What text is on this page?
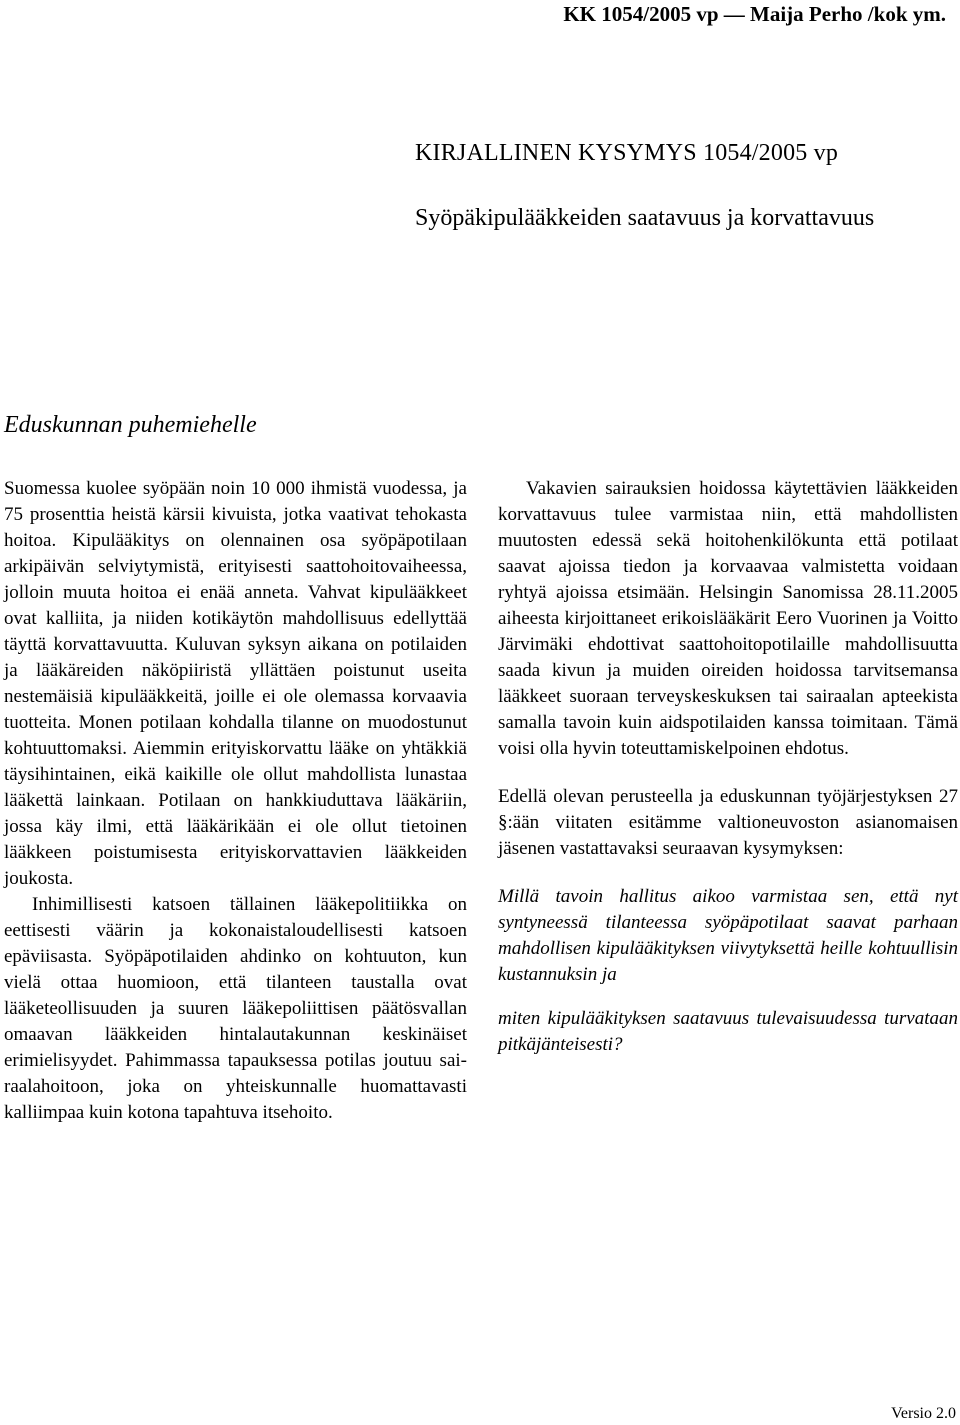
KK 1054/2005 vp — Maija Perho /kok ym.
KIRJALLINEN KYSYMYS 1054/2005 vp
Syöpäkipulääkkeiden saatavuus ja korvattavuus
Eduskunnan puhemiehelle

Suomessa kuolee syöpään noin 10 000 ihmistä vuodessa, ja 75 prosenttia heistä kärsii kivuista, jotka vaativat tehokasta hoitoa. Kipulääkitys on olennainen osa syöpäpotilaan arkipäivän selviytymistä, erityisesti saattohoitovaiheessa, jolloin muuta hoitoa ei enää anneta. Vahvat kipulääkkeet ovat kalliita, ja niiden kotikäytön mahdollisuus edellyttää täyttä korvattavuutta. Kuluvan syksyn aikana on potilaiden ja lääkäreiden näköpiiristä yllättäen poistunut useita nestemäisiä kipulääkkeitä, joille ei ole olemassa korvaavia tuotteita. Monen potilaan kohdalla tilanne on muodostunut kohtuuttomaksi. Aiemmin erityiskorvattu lääke on yhtäkkiä täysihintainen, eikä kaikille ole ollut mahdollista lunastaa lääkettä lainkaan. Potilaan on hankkiuduttava lääkäriin, jossa käy ilmi, että lääkärikään ei ole ollut tietoinen lääkkeen poistumisesta erityiskorvattavien lääkkeiden joukosta.

Inhimillisesti katsoen tällainen lääkepolitiikka on eettisesti väärin ja kokonaistaloudellisesti katsoen epäviisasta. Syöpäpotilaiden ahdinko on kohtuuton, kun vielä ottaa huomioon, että tilanteen taustalla ovat lääketeollisuuden ja suuren lääkepoliittisen päätösvallan omaavan lääkkeiden hintalautakunnan keskinäiset erimielisyydet. Pahimmassa tapauksessa potilas joutuu sairaalahoitoon, joka on yhteiskunnalle huomattavasti kalliimpaa kuin kotona tapahtuva itsehoito.

Vakavien sairauksien hoidossa käytettävien lääkkeiden korvattavuus tulee varmistaa niin, että mahdollisten muutosten edessä sekä hoitohenkilökunta että potilaat saavat ajoissa tiedon ja korvaavaa valmistetta voidaan ryhtyä ajoissa etsimään. Helsingin Sanomissa 28.11.2005 aiheesta kirjoittaneet erikoislääkärit Eero Vuorinen ja Voitto Järvimäki ehdottivat saattohoitopotilaille mahdollisuutta saada kivun ja muiden oireiden hoidossa tarvitsemansa lääkkeet suoraan terveyskeskuksen tai sairaalan apteekista samalla tavoin kuin aidspotilaiden kanssa toimitaan. Tämä voisi olla hyvin toteuttamiskelpoinen ehdotus.

Edellä olevan perusteella ja eduskunnan työjärjestyksen 27 §:ään viitaten esitämme valtioneuvoston asianomaisen jäsenen vastattavaksi seuraavan kysymyksen:

Millä tavoin hallitus aikoo varmistaa sen, että nyt syntyneessä tilanteessa syöpäpotilaat saavat parhaan mahdollisen kipulääkityksen viivytyksettä heille kohtuullisin kustannuksin ja

miten kipulääkityksen saatavuus tulevaisuudessa turvataan pitkäjänteisesti?

Versio 2.0
